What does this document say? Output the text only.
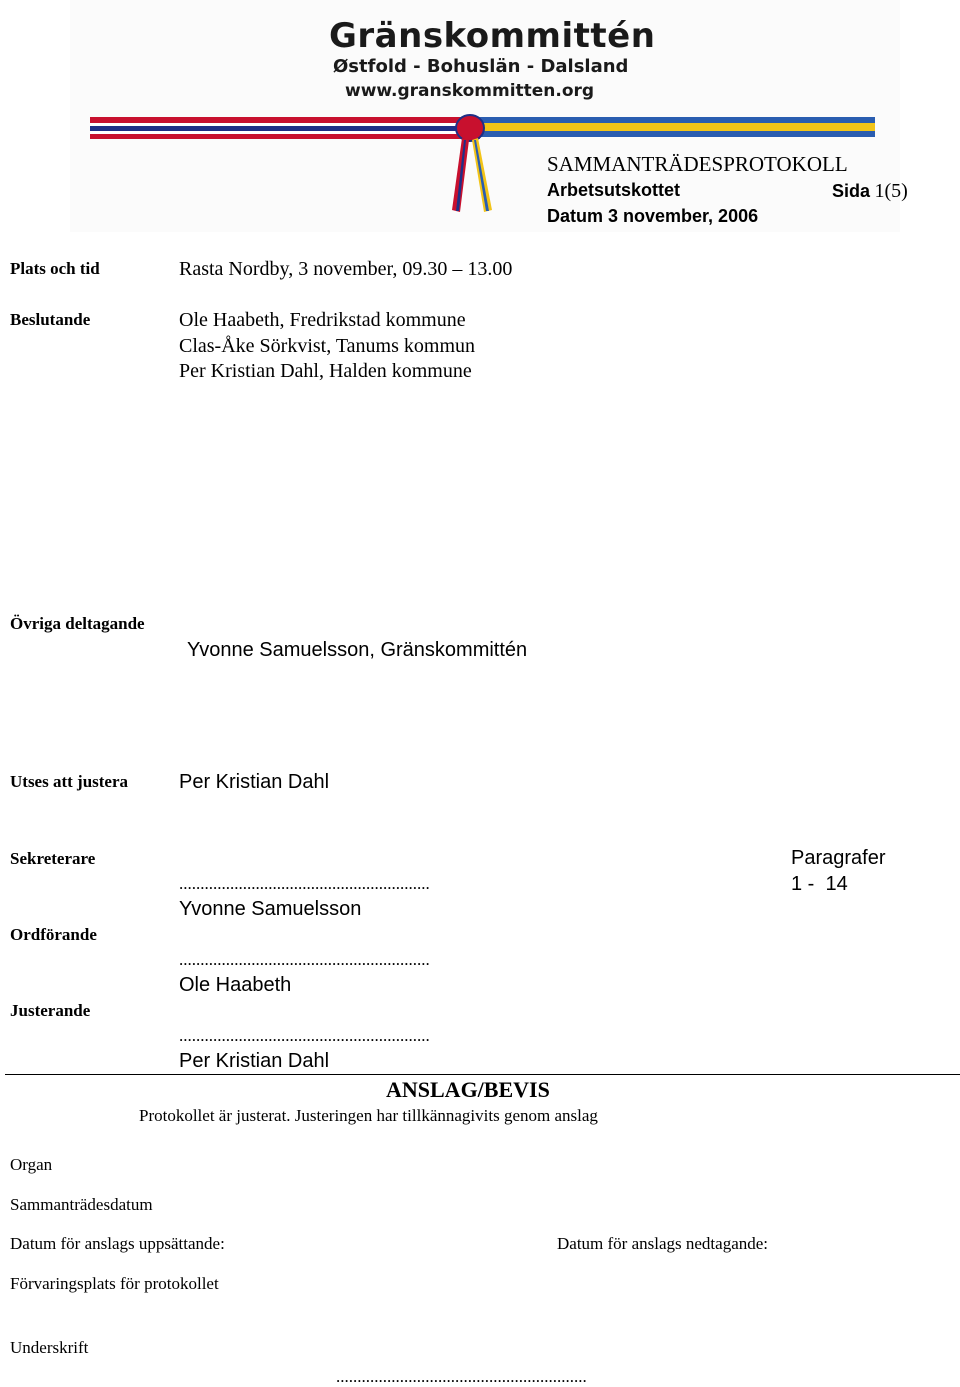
Gränskommittén
Østfold - Bohuslän - Dalsland
www.granskommitten.org
SAMMANTRÄDESPROTOKOLL
Arbetsutskottet	Sida 1(5)
Datum 3 november, 2006
Plats och tid	Rasta Nordby, 3 november, 09.30 – 13.00
Beslutande	Ole Haabeth, Fredrikstad kommune
Clas-Åke Sörkvist, Tanums kommun
Per Kristian Dahl, Halden kommune
Övriga deltagande
Yvonne Samuelsson, Gränskommittén
Utses att justera	Per Kristian Dahl
Sekreterare
...........................................................
Yvonne Samuelsson
Ordförande
...........................................................
Ole Haabeth
Justerande
...........................................................
Per Kristian Dahl
Paragrafer
1 -  14
ANSLAG/BEVIS
Protokollet är justerat. Justeringen har tillkännagivits genom anslag
Organ
Sammanträdesdatum
Datum för anslags uppsättande:	Datum för anslags nedtagande:
Förvaringsplats för protokollet
Underskrift
...........................................................
